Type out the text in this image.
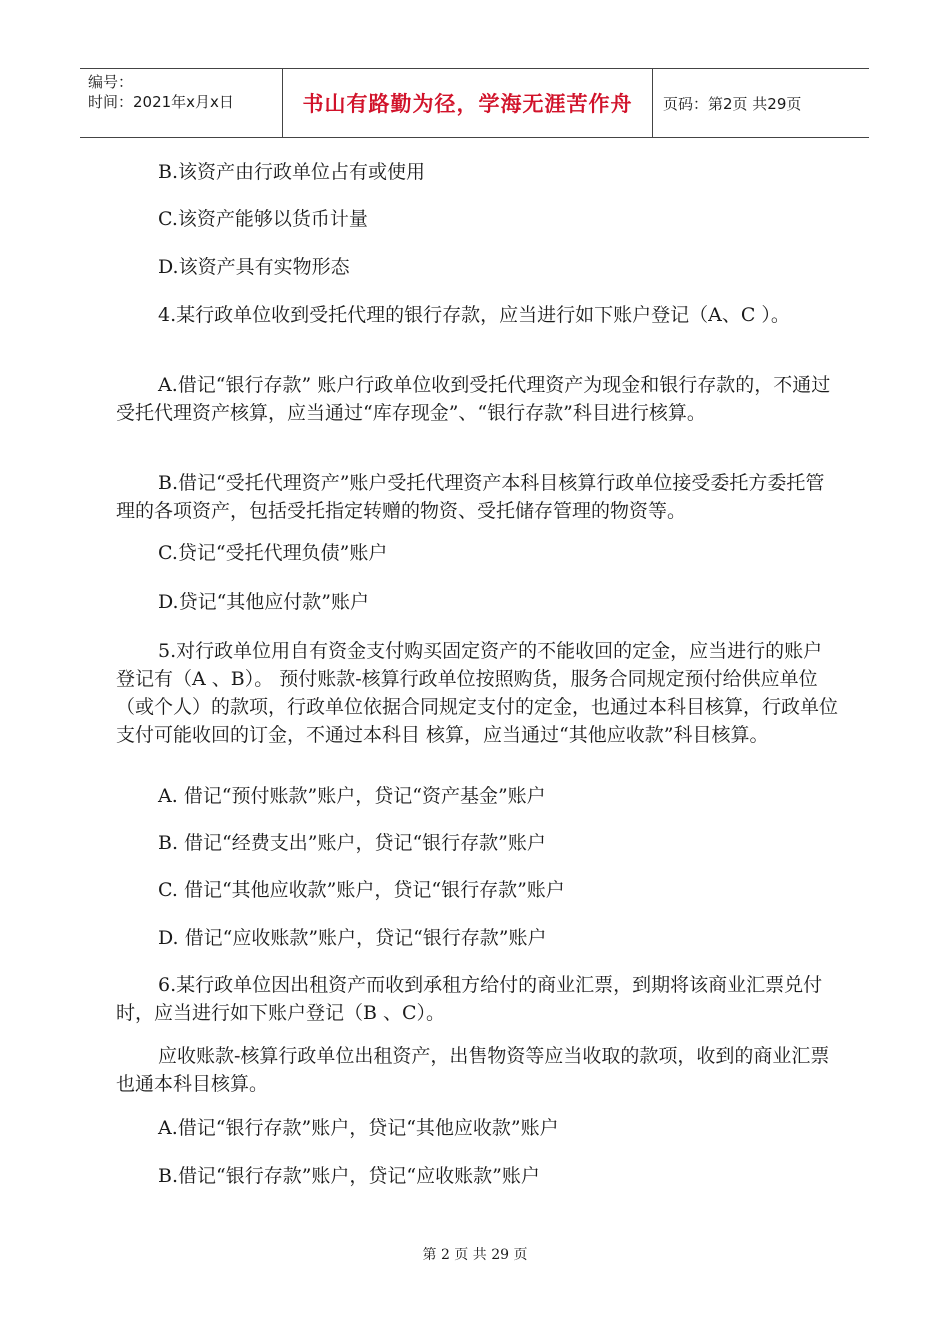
编号：
时间：2021年x月x日	书山有路勤为径，学海无涯苦作舟 页码：第2页 共29页

B.该资产由行政单位占有或使用

C.该资产能够以货币计量

D.该资产具有实物形态

4.某行政单位收到受托代理的银行存款，应当进行如下账户登记（A、C ）。

A.借记“银行存款” 账户行政单位收到受托代理资产为现金和银行存款的，不通过受托代理资产核算，应当通过“库存现金”、“银行存款”科目进行核算。

B.借记“受托代理资产”账户受托代理资产本科目核算行政单位接受委托方委托管理的各项资产，包括受托指定转赠的物资、受托储存管理的物资等。

C.贷记“受托代理负债”账户

D.贷记“其他应付款”账户

5.对行政单位用自有资金支付购买固定资产的不能收回的定金，应当进行的账户登记有（A 、B）。 预付账款-核算行政单位按照购货，服务合同规定预付给供应单位（或个人）的款项，行政单位依据合同规定支付的定金，也通过本科目核算，行政单位支付可能收回的订金，不通过本科目 核算，应当通过“其他应收款”科目核算。

A. 借记“预付账款”账户，贷记“资产基金”账户

B. 借记“经费支出”账户，贷记“银行存款”账户

C. 借记“其他应收款”账户，贷记“银行存款”账户

D. 借记“应收账款”账户，贷记“银行存款”账户

6.某行政单位因出租资产而收到承租方给付的商业汇票，到期将该商业汇票兑付时，应当进行如下账户登记（B 、C）。

应收账款-核算行政单位出租资产，出售物资等应当收取的款项，收到的商业汇票也通本科目核算。

A.借记“银行存款”账户，贷记“其他应收款”账户

B.借记“银行存款”账户，贷记“应收账款”账户

第 2 页 共 29 页
